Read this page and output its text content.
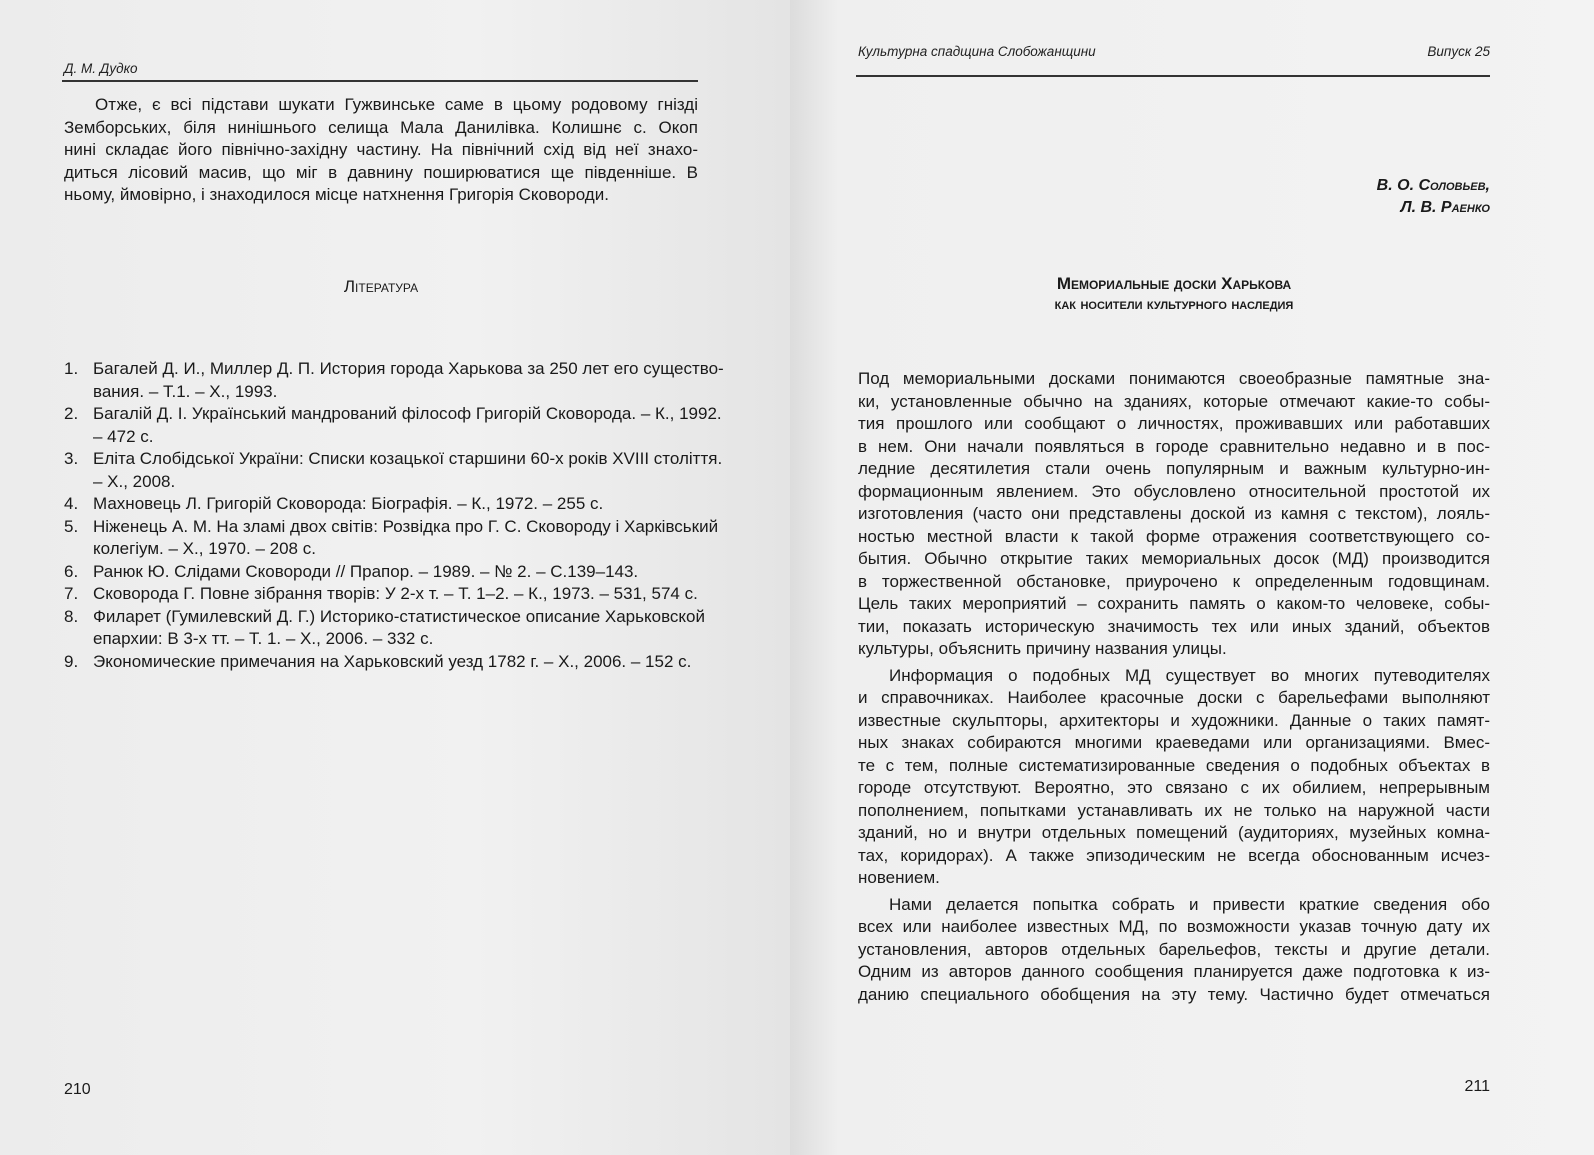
Д. М. Дудко
Отже, є всі підстави шукати Гужвинське саме в цьому родовому гнізді
Земборських, біля нинішнього селища Мала Данилівка. Колишнє с. Окоп
нині складає його північно-західну частину. На північний схід від неї знахо-
диться лісовий масив, що міг в давнину поширюватися ще південніше. В
ньому, ймовірно, і знаходилося місце натхнення Григорія Сковороди.
Література
1. Багалей Д. И., Миллер Д. П. История города Харькова за 250 лет его существо-
вания. – Т.1. – Х., 1993.
2. Багалій Д. І. Український мандрований філософ Григорій Сковорода. – К., 1992.
– 472 с.
3. Еліта Слобідської України: Списки козацької старшини 60-х років XVIII століття.
– Х., 2008.
4. Махновець Л. Григорій Сковорода: Біографія. – К., 1972. – 255 с.
5. Ніженець А. М. На зламі двох світів: Розвідка про Г. С. Сковороду і Харківський
колегіум. – Х., 1970. – 208 с.
6. Ранюк Ю. Слідами Сковороди // Прапор. – 1989. – № 2. – С.139–143.
7. Сковорода Г. Повне зібрання творів: У 2-х т. – Т. 1–2. – К., 1973. – 531, 574 с.
8. Филарет (Гумилевский Д. Г.) Историко-статистическое описание Харьковской
епархии: В 3-х тт. – Т. 1. – Х., 2006. – 332 с.
9. Экономические примечания на Харьковский уезд 1782 г. – Х., 2006. – 152 с.
210
Культурна спадщина Слобожанщини	Випуск 25
В. О. Соловьев,
Л. В. Раенко
Мемориальные доски Харькова
как носители культурного наследия
Под мемориальными досками понимаются своеобразные памятные зна-
ки, установленные обычно на зданиях, которые отмечают какие-то собы-
тия прошлого или сообщают о личностях, проживавших или работавших
в нем. Они начали появляться в городе сравнительно недавно и в пос-
ледние десятилетия стали очень популярным и важным культурно-ин-
формационным явлением. Это обусловлено относительной простотой их
изготовления (часто они представлены доской из камня с текстом), лояль-
ностью местной власти к такой форме отражения соответствующего со-
бытия. Обычно открытие таких мемориальных досок (МД) производится
в торжественной обстановке, приурочено к определенным годовщинам.
Цель таких мероприятий – сохранить память о каком-то человеке, собы-
тии, показать историческую значимость тех или иных зданий, объектов
культуры, объяснить причину названия улицы.
Информация о подобных МД существует во многих путеводителях
и справочниках. Наиболее красочные доски с барельефами выполняют
известные скульпторы, архитекторы и художники. Данные о таких памят-
ных знаках собираются многими краеведами или организациями. Вмес-
те с тем, полные систематизированные сведения о подобных объектах в
городе отсутствуют. Вероятно, это связано с их обилием, непрерывным
пополнением, попытками устанавливать их не только на наружной части
зданий, но и внутри отдельных помещений (аудиториях, музейных комна-
тах, коридорах). А также эпизодическим не всегда обоснованным исчез-
новением.
Нами делается попытка собрать и привести краткие сведения обо
всех или наиболее известных МД, по возможности указав точную дату их
установления, авторов отдельных барельефов, тексты и другие детали.
Одним из авторов данного сообщения планируется даже подготовка к из-
данию специального обобщения на эту тему. Частично будет отмечаться
211
